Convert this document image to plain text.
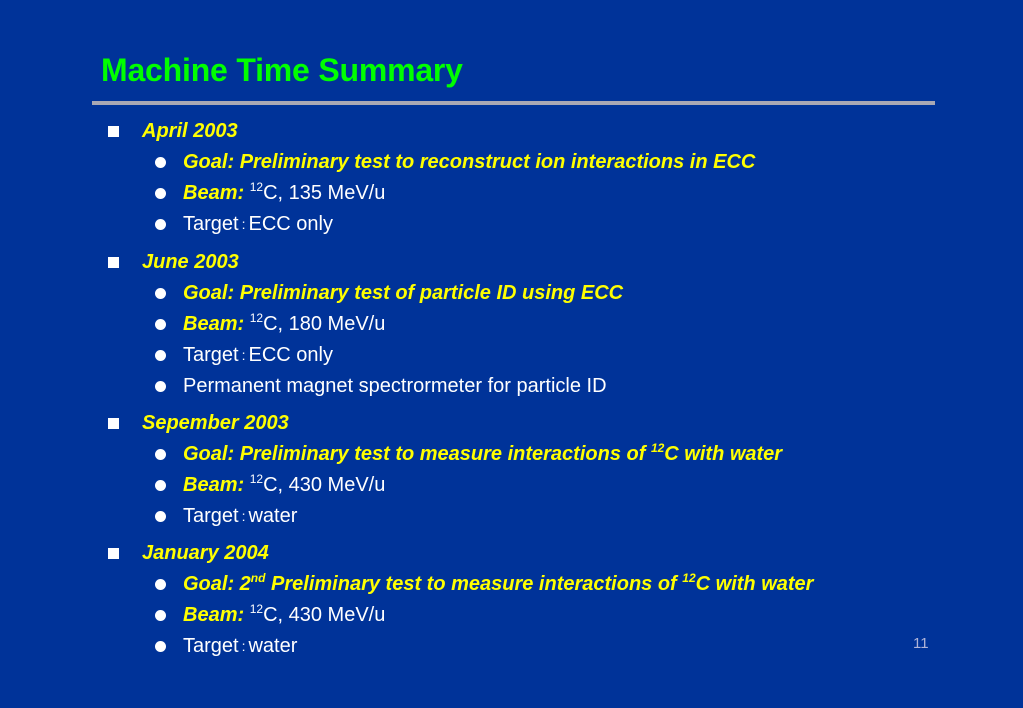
Machine Time Summary
April 2003
Goal: Preliminary test to reconstruct ion interactions in ECC
Beam: $^{12}$C, 135 MeV/u
Target : ECC only
June 2003
Goal: Preliminary test of particle ID using ECC
Beam: $^{12}$C, 180 MeV/u
Target : ECC only
Permanent magnet spectrormeter for particle ID
Sepember 2003
Goal: Preliminary test to measure interactions of $^{12}$C with water
Beam: $^{12}$C, 430 MeV/u
Target : water
January 2004
Goal: 2nd Preliminary test to measure interactions of $^{12}$C with water
Beam: $^{12}$C, 430 MeV/u
Target : water	11
